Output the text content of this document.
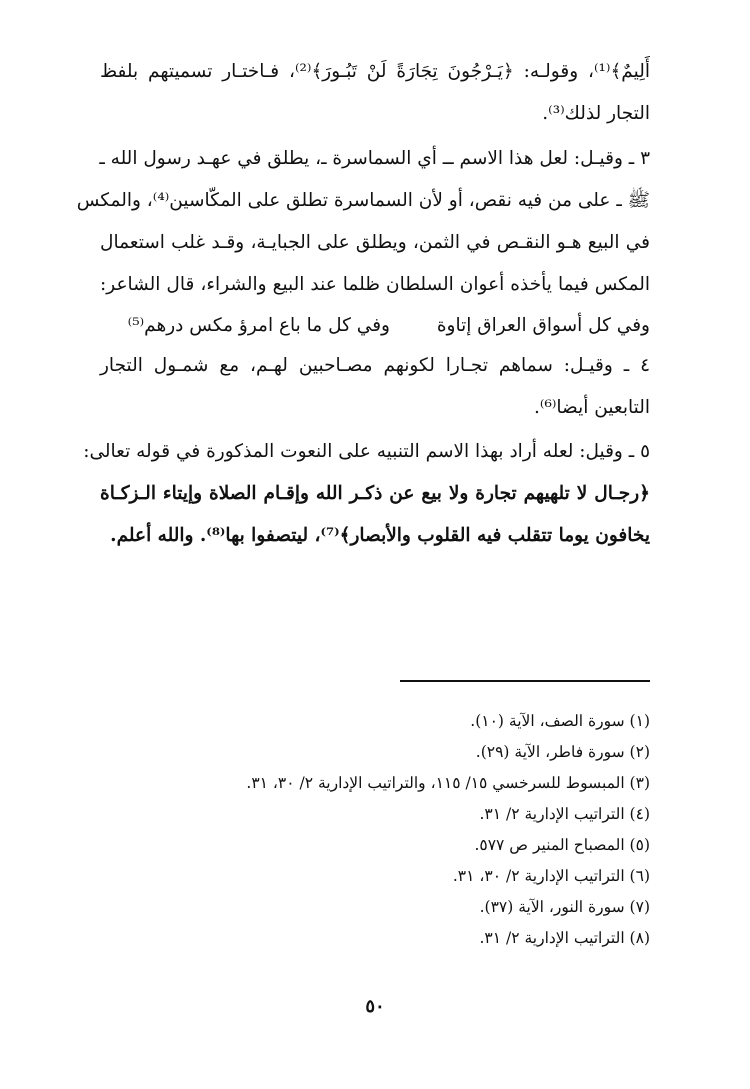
أَلِيمٌ﴾⁽¹⁾، وقولـه: ﴿يَـرْجُونَ تِجَارَةً لَنْ تَبُـورَ﴾⁽²⁾، فـاختـار تسميتهم بلفظ
التجار لذلك⁽³⁾.
٣ ـ وقيـل: لعل هذا الاسم ــ أي السماسرة ـ، يطلق في عهـد رسول الله ـ
ﷺ ـ على من فيه نقص، أو لأن السماسرة تطلق على المكّاسين⁽⁴⁾، والمكس
في البيع هـو النقـص في الثمن، ويطلق على الجبايـة، وقـد غلب استعمال
المكس فيما يأخذه أعوان السلطان ظلما عند البيع والشراء، قال الشاعر:
وفي كل أسواق العراق إتاوة
وفي كل ما باع امرؤ مكس درهم⁽⁵⁾
٤ ـ وقيـل: سماهم تجـارا لكونهم مصـاحبين لهـم، مع شمـول التجار
التابعين أيضا⁽⁶⁾.
٥ ـ وقيل: لعله أراد بهذا الاسم التنبيه على النعوت المذكورة في قوله تعالى:
﴿رجـال لا تلهيهم تجارة ولا بيع عن ذكـر الله وإقـام الصلاة وإيتاء الـزكـاة
يخافون يوما تتقلب فيه القلوب والأبصار﴾⁽⁷⁾، ليتصفوا بها⁽⁸⁾. والله أعلم.
(١) سورة الصف، الآية (١٠).
(٢) سورة فاطر، الآية (٢٩).
(٣) المبسوط للسرخسي ١٥/ ١١٥، والتراتيب الإدارية ٢/ ٣٠، ٣١.
(٤) التراتيب الإدارية ٢/ ٣١.
(٥) المصباح المنير ص ٥٧٧.
(٦) التراتيب الإدارية ٢/ ٣٠، ٣١.
(٧) سورة النور، الآية (٣٧).
(٨) التراتيب الإدارية ٢/ ٣١.
٥٠
